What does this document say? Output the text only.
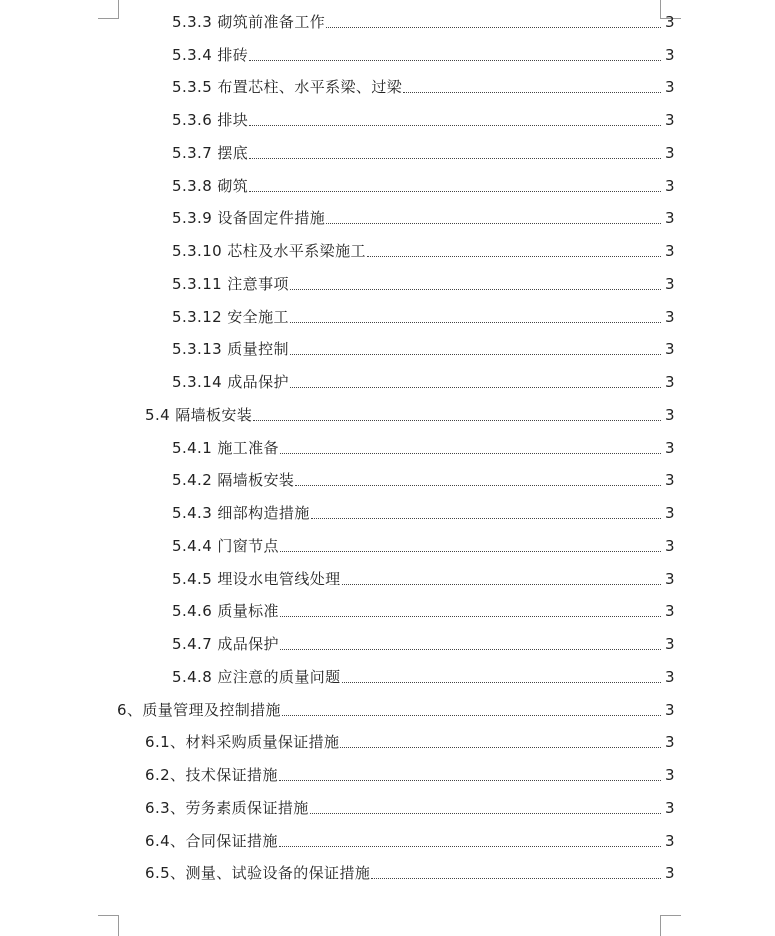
5.3.3 砌筑前准备工作	3
5.3.4 排砖	3
5.3.5 布置芯柱、水平系梁、过梁	3
5.3.6 排块	3
5.3.7 摆底	3
5.3.8 砌筑	3
5.3.9 设备固定件措施	3
5.3.10 芯柱及水平系梁施工	3
5.3.11 注意事项	3
5.3.12 安全施工	3
5.3.13 质量控制	3
5.3.14 成品保护	3
5.4 隔墙板安装	3
5.4.1 施工准备	3
5.4.2 隔墙板安装	3
5.4.3 细部构造措施	3
5.4.4 门窗节点	3
5.4.5 埋设水电管线处理	3
5.4.6 质量标准	3
5.4.7 成品保护	3
5.4.8 应注意的质量问题	3
6、质量管理及控制措施	3
6.1、材料采购质量保证措施	3
6.2、技术保证措施	3
6.3、劳务素质保证措施	3
6.4、合同保证措施	3
6.5、测量、试验设备的保证措施	3
